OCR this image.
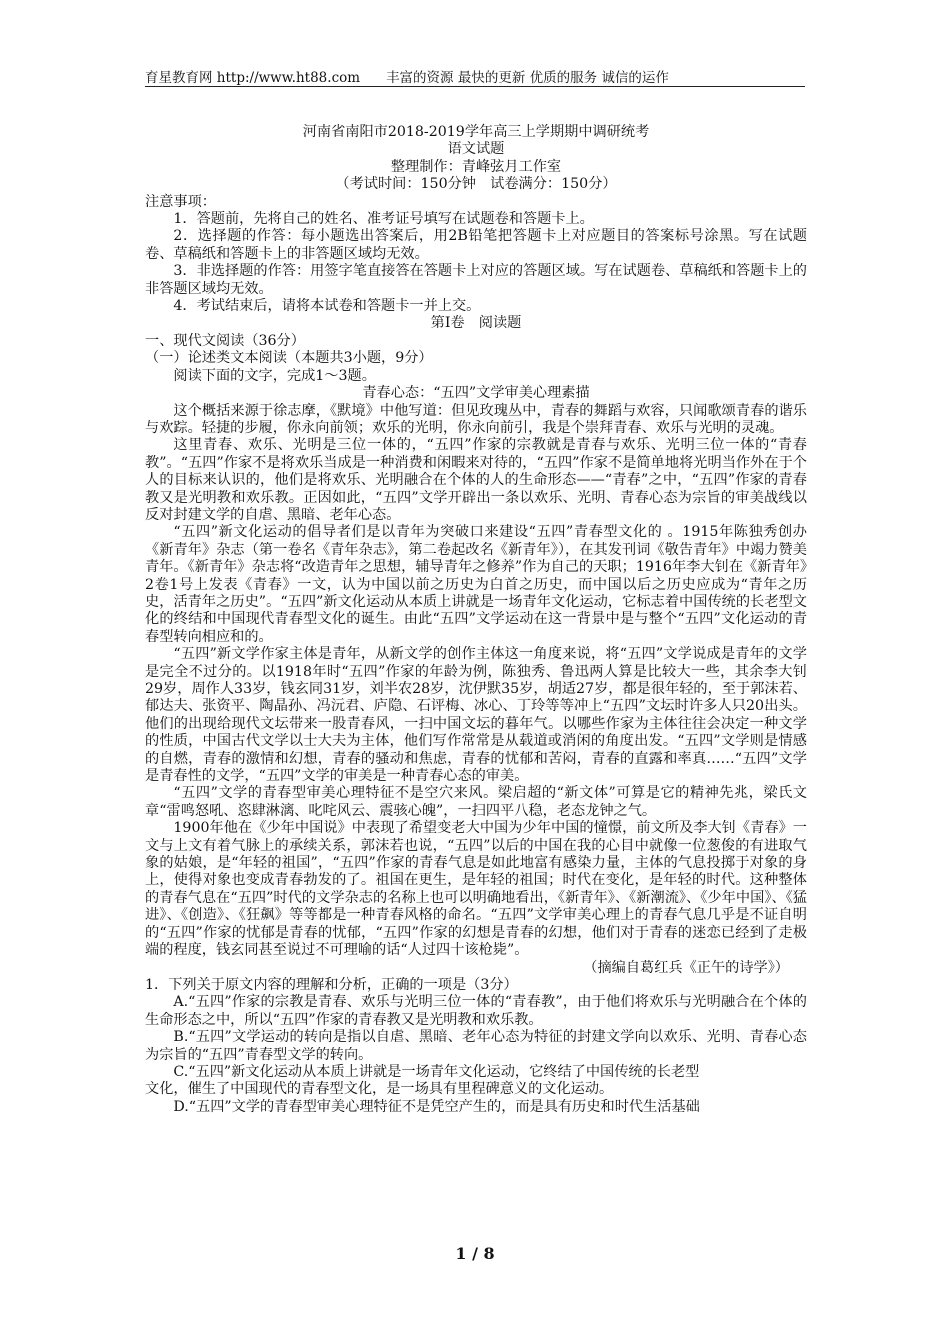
育星教育网 http://www.ht88.com 丰富的资源 最快的更新 优质的服务 诚信的运作

河南省南阳市2018-2019学年高三上学期期中调研统考

语文试题

整理制作：青峰弦月工作室

（考试时间：150分钟　试卷满分：150分）

注意事项：

1．答题前，先将自己的姓名、准考证号填写在试题卷和答题卡上。

2．选择题的作答：每小题选出答案后，用2B铅笔把答题卡上对应题目的答案标号涂黑。写在试题卷、草稿纸和答题卡上的非答题区域均无效。

3．非选择题的作答：用签字笔直接答在答题卡上对应的答题区域。写在试题卷、草稿纸和答题卡上的非答题区域均无效。

4．考试结束后，请将本试卷和答题卡一并上交。

第Ⅰ卷　阅读题

一、现代文阅读（36分）

（一）论述类文本阅读（本题共3小题，9分）

阅读下面的文字，完成1～3题。

青春心态：“五四”文学审美心理素描

这个概括来源于徐志摩，《默境》中他写道：但见玫瑰丛中，青春的舞蹈与欢容，只闻歌颂青春的谐乐与欢踪。轻捷的步履，你永向前领；欢乐的光明，你永向前引，我是个崇拜青春、欢乐与光明的灵魂。

这里青春、欢乐、光明是三位一体的，“五四”作家的宗教就是青春与欢乐、光明三位一体的“青春教”。“五四”作家不是将欢乐当成是一种消费和闲暇来对待的，“五四”作家不是简单地将光明当作外在于个人的目标来认识的，他们是将欢乐、光明融合在个体的人的生命形态——“青春”之中，“五四”作家的青春教又是光明教和欢乐教。正因如此，“五四”文学开辟出一条以欢乐、光明、青春心态为宗旨的审美战线以反对封建文学的自虐、黑暗、老年心态。

“五四”新文化运动的倡导者们是以青年为突破口来建设“五四”青春型文化的 。1915年陈独秀创办《新青年》杂志（第一卷名《青年杂志》，第二卷起改名《新青年》），在其发刊词《敬告青年》中竭力赞美青年。《新青年》杂志将“改造青年之思想，辅导青年之修养”作为自己的天职；1916年李大钊在《新青年》2卷1号上发表《青春》一文，认为中国以前之历史为白首之历史，而中国以后之历史应成为“青年之历史，活青年之历史”。“五四”新文化运动从本质上讲就是一场青年文化运动，它标志着中国传统的长老型文化的终结和中国现代青春型文化的诞生。由此“五四”文学运动在这一背景中是与整个“五四”文化运动的青春型转向相应和的。

“五四”新文学作家主体是青年，从新文学的创作主体这一角度来说，将“五四”文学说成是青年的文学是完全不过分的。以1918年时“五四”作家的年龄为例，陈独秀、鲁迅两人算是比较大一些，其余李大钊29岁，周作人33岁，钱玄同31岁，刘半农28岁，沈伊默35岁，胡适27岁，都是很年轻的，至于郭沫若、郁达夫、张资平、陶晶孙、冯沅君、庐隐、石评梅、冰心、丁玲等等冲上“五四”文坛时许多人只20出头。他们的出现给现代文坛带来一股青春风，一扫中国文坛的暮年气。以哪些作家为主体往往会决定一种文学的性质，中国古代文学以士大夫为主体，他们写作常常是从载道或消闲的角度出发。“五四”文学则是情感的自燃，青春的激情和幻想，青春的骚动和焦虑，青春的忧郁和苦闷，青春的直露和率真……“五四”文学是青春性的文学，“五四”文学的审美是一种青春心态的审美。

“五四”文学的青春型审美心理特征不是空穴来风。梁启超的“新文体”可算是它的精神先兆，梁氏文章“雷鸣怒吼、恣肆淋漓、叱咤风云、震骇心魄”，一扫四平八稳，老态龙钟之气。

1900年他在《少年中国说》中表现了希望变老大中国为少年中国的憧憬，前文所及李大钊《青春》一文与上文有着气脉上的承续关系，郭沫若也说，“五四”以后的中国在我的心目中就像一位葱俊的有进取气象的姑娘，是“年轻的祖国”，“五四”作家的青春气息是如此地富有感染力量，主体的气息投掷于对象的身上，使得对象也变成青春勃发的了。祖国在更生，是年轻的祖国；时代在变化，是年轻的时代。这种整体的青春气息在“五四”时代的文学杂志的名称上也可以明确地看出，《新青年》、《新潮流》、《少年中国》、《猛进》、《创造》、《狂飙》等等都是一种青春风格的命名。“五四”文学审美心理上的青春气息几乎是不证自明的“五四”作家的忧郁是青春的忧郁，“五四”作家的幻想是青春的幻想，他们对于青春的迷恋已经到了走极端的程度，钱玄同甚至说过不可理喻的话“人过四十该枪毙”。

（摘编自葛红兵《正午的诗学》）

1．下列关于原文内容的理解和分析，正确的一项是（3分）

A.“五四”作家的宗教是青春、欢乐与光明三位一体的“青春教”，由于他们将欢乐与光明融合在个体的生命形态之中，所以“五四”作家的青春教又是光明教和欢乐教。

B.“五四”文学运动的转向是指以自虐、黑暗、老年心态为特征的封建文学向以欢乐、光明、青春心态为宗旨的“五四”青春型文学的转向。

C.“五四”新文化运动从本质上讲就是一场青年文化运动，它终结了中国传统的长老型

文化，催生了中国现代的青春型文化，是一场具有里程碑意义的文化运动。

D.“五四”文学的青春型审美心理特征不是凭空产生的，而是具有历史和时代生活基础

1 / 8
